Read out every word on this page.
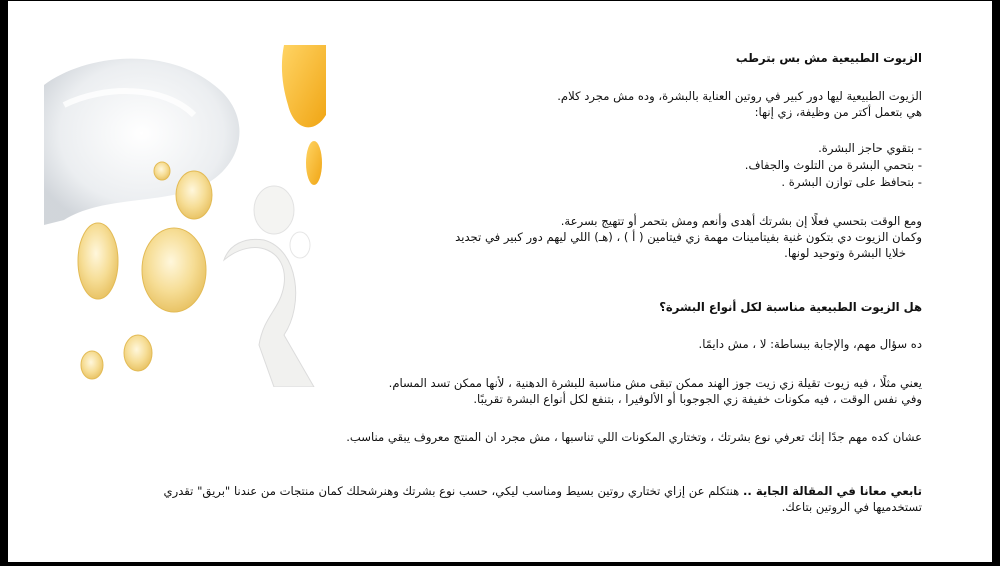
الزيوت الطبيعية مش بس بترطب
الزيوت الطبيعية ليها دور كبير في روتين العناية بالبشرة، وده مش مجرد كلام.
هي بتعمل أكتر من وظيفة، زي إنها:
- بتقوي حاجز البشرة.
- بتحمي البشرة من التلوث والجفاف.
- بتحافظ على توازن البشرة .
ومع الوقت بتحسي فعلًا إن بشرتك أهدى وأنعم ومش بتحمر أو تتهيج بسرعة.
وكمان الزيوت دي بتكون غنية بفيتامينات مهمة زي فيتامين ( أ ) ، (هـ) اللي ليهم دور كبير في تجديد
خلايا البشرة وتوحيد لونها.
هل الزيوت الطبيعية مناسبة لكل أنواع البشرة؟
ده سؤال مهم، والإجابة ببساطة: لا ، مش دايمًا.
يعني مثلًا ، فيه زيوت تقيلة زي زيت جوز الهند ممكن تبقى مش مناسبة للبشرة الدهنية ، لأنها ممكن تسد المسام.
وفي نفس الوقت ، فيه مكونات خفيفة زي الجوجوبا أو الألوفيرا ، بتنفع لكل أنواع البشرة تقريبًا.
عشان كده مهم جدًا إنك تعرفي نوع بشرتك ، وتختاري المكونات اللي تناسبها ، مش مجرد ان المنتج معروف يبقي مناسب.
تابعي معانا في المقالة الجاية .. هنتكلم عن إزاي تختاري روتين بسيط ومناسب ليكي، حسب نوع بشرتك وهنرشحلك كمان منتجات من عندنا "بريق" تقدري
تستخدميها في الروتين بتاعك.
